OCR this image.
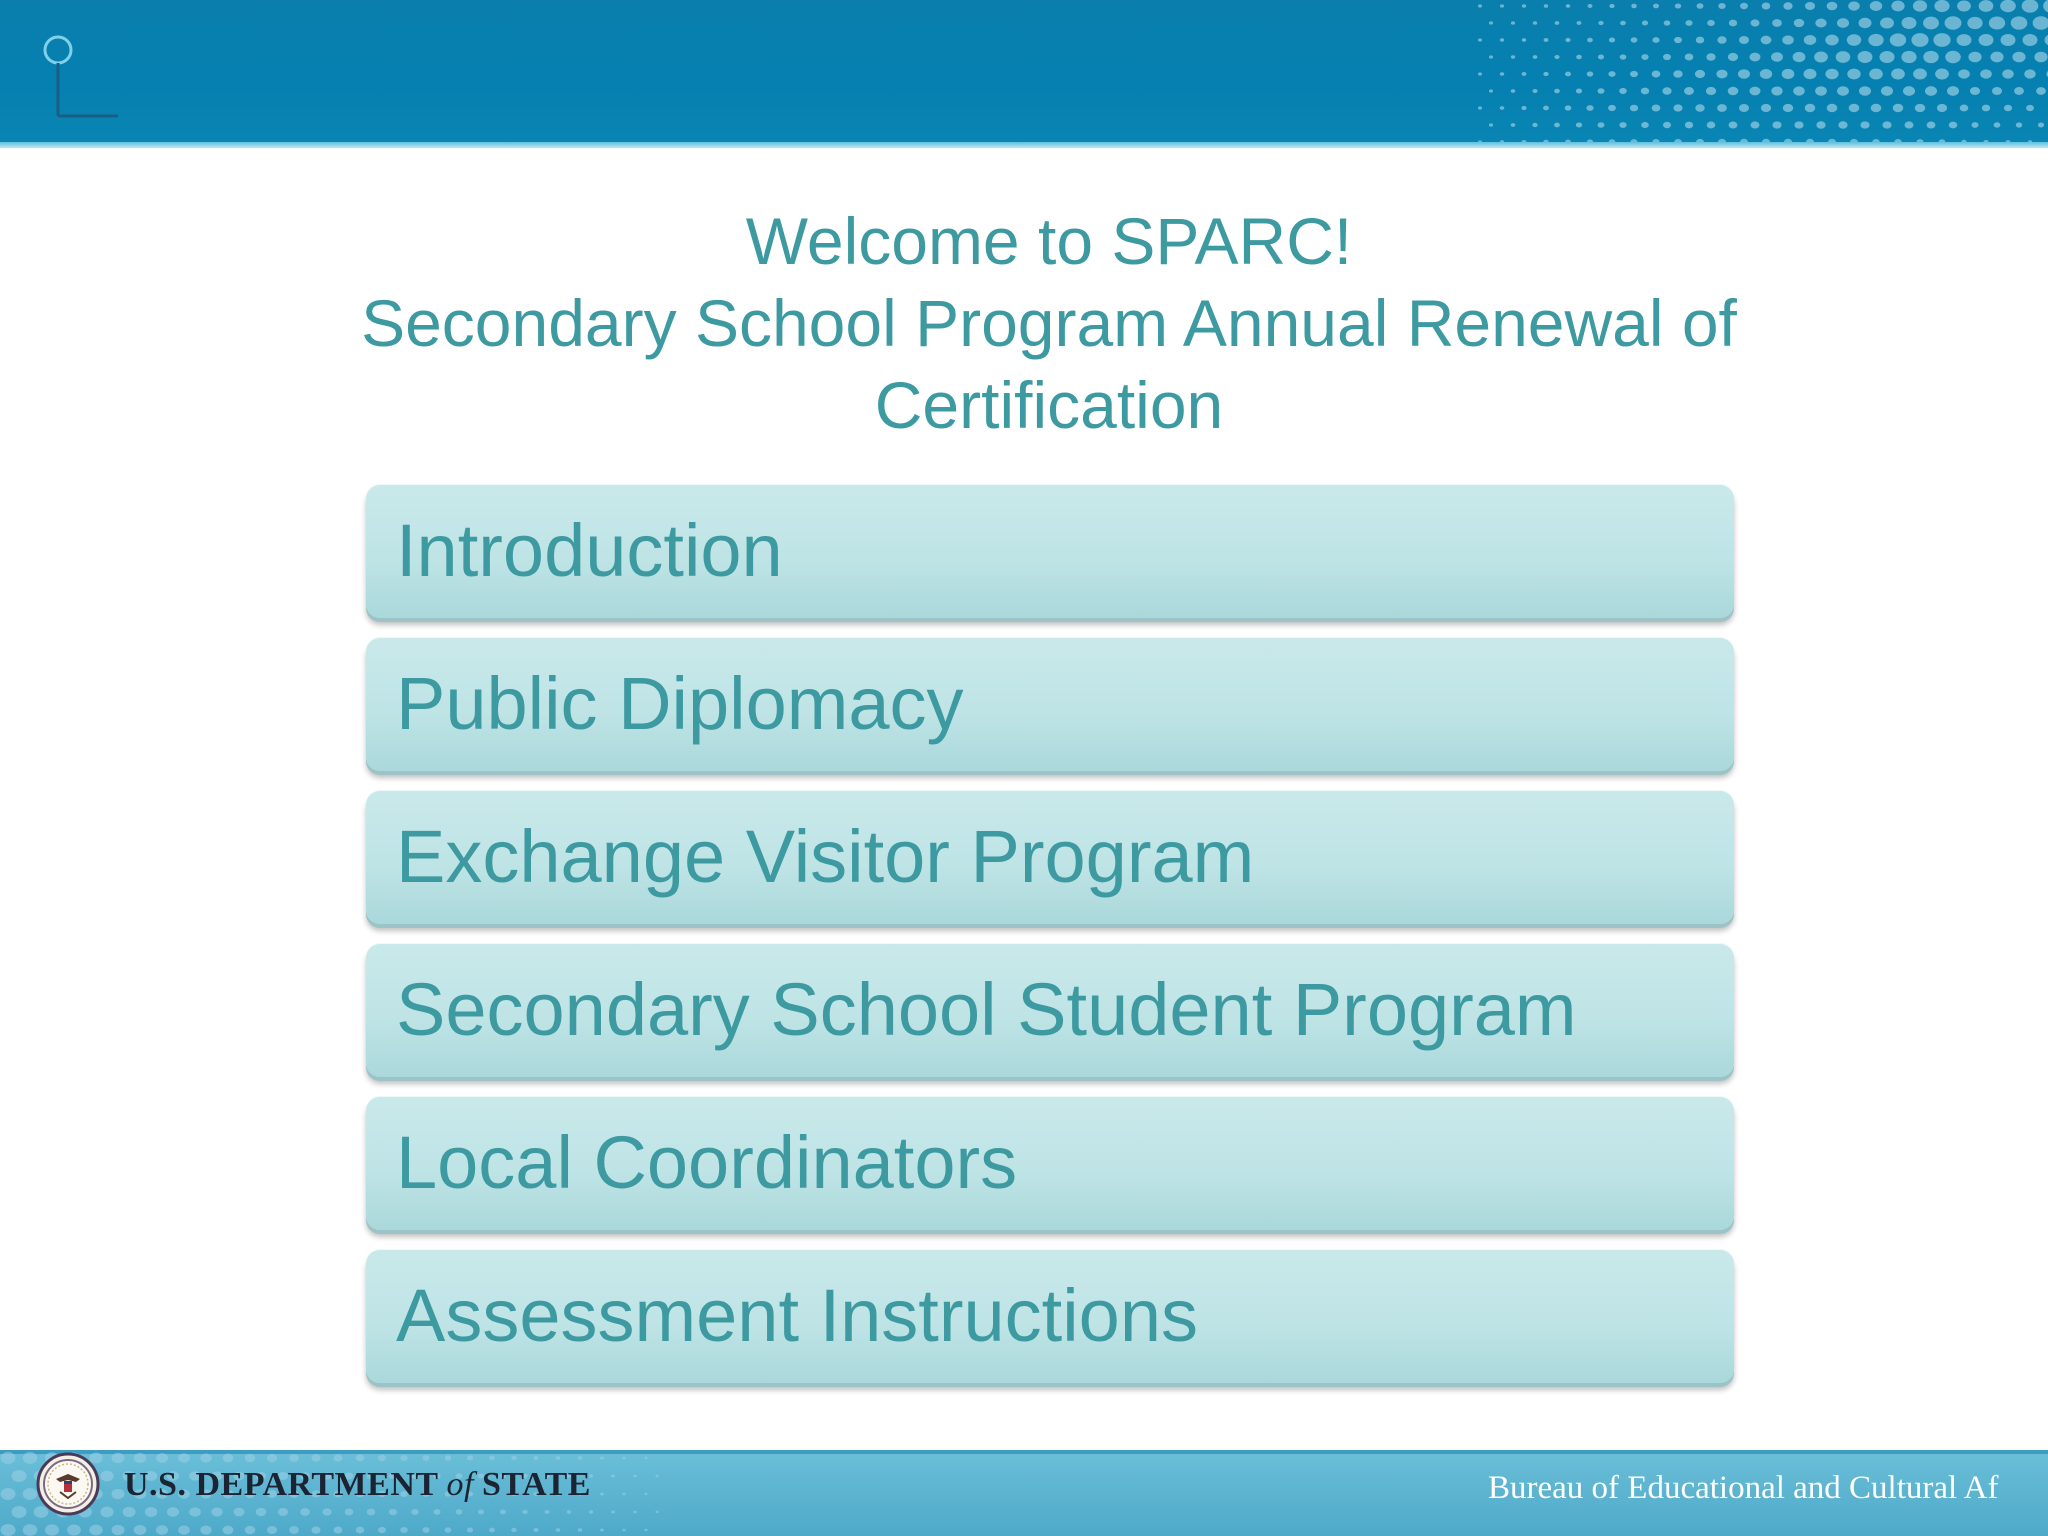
Welcome to SPARC!
Secondary School Program Annual Renewal of
Certification
Introduction
Public Diplomacy
Exchange Visitor Program
Secondary School Student Program
Local Coordinators
Assessment Instructions
U.S. DEPARTMENT of STATE	Bureau of Educational and Cultural Af
